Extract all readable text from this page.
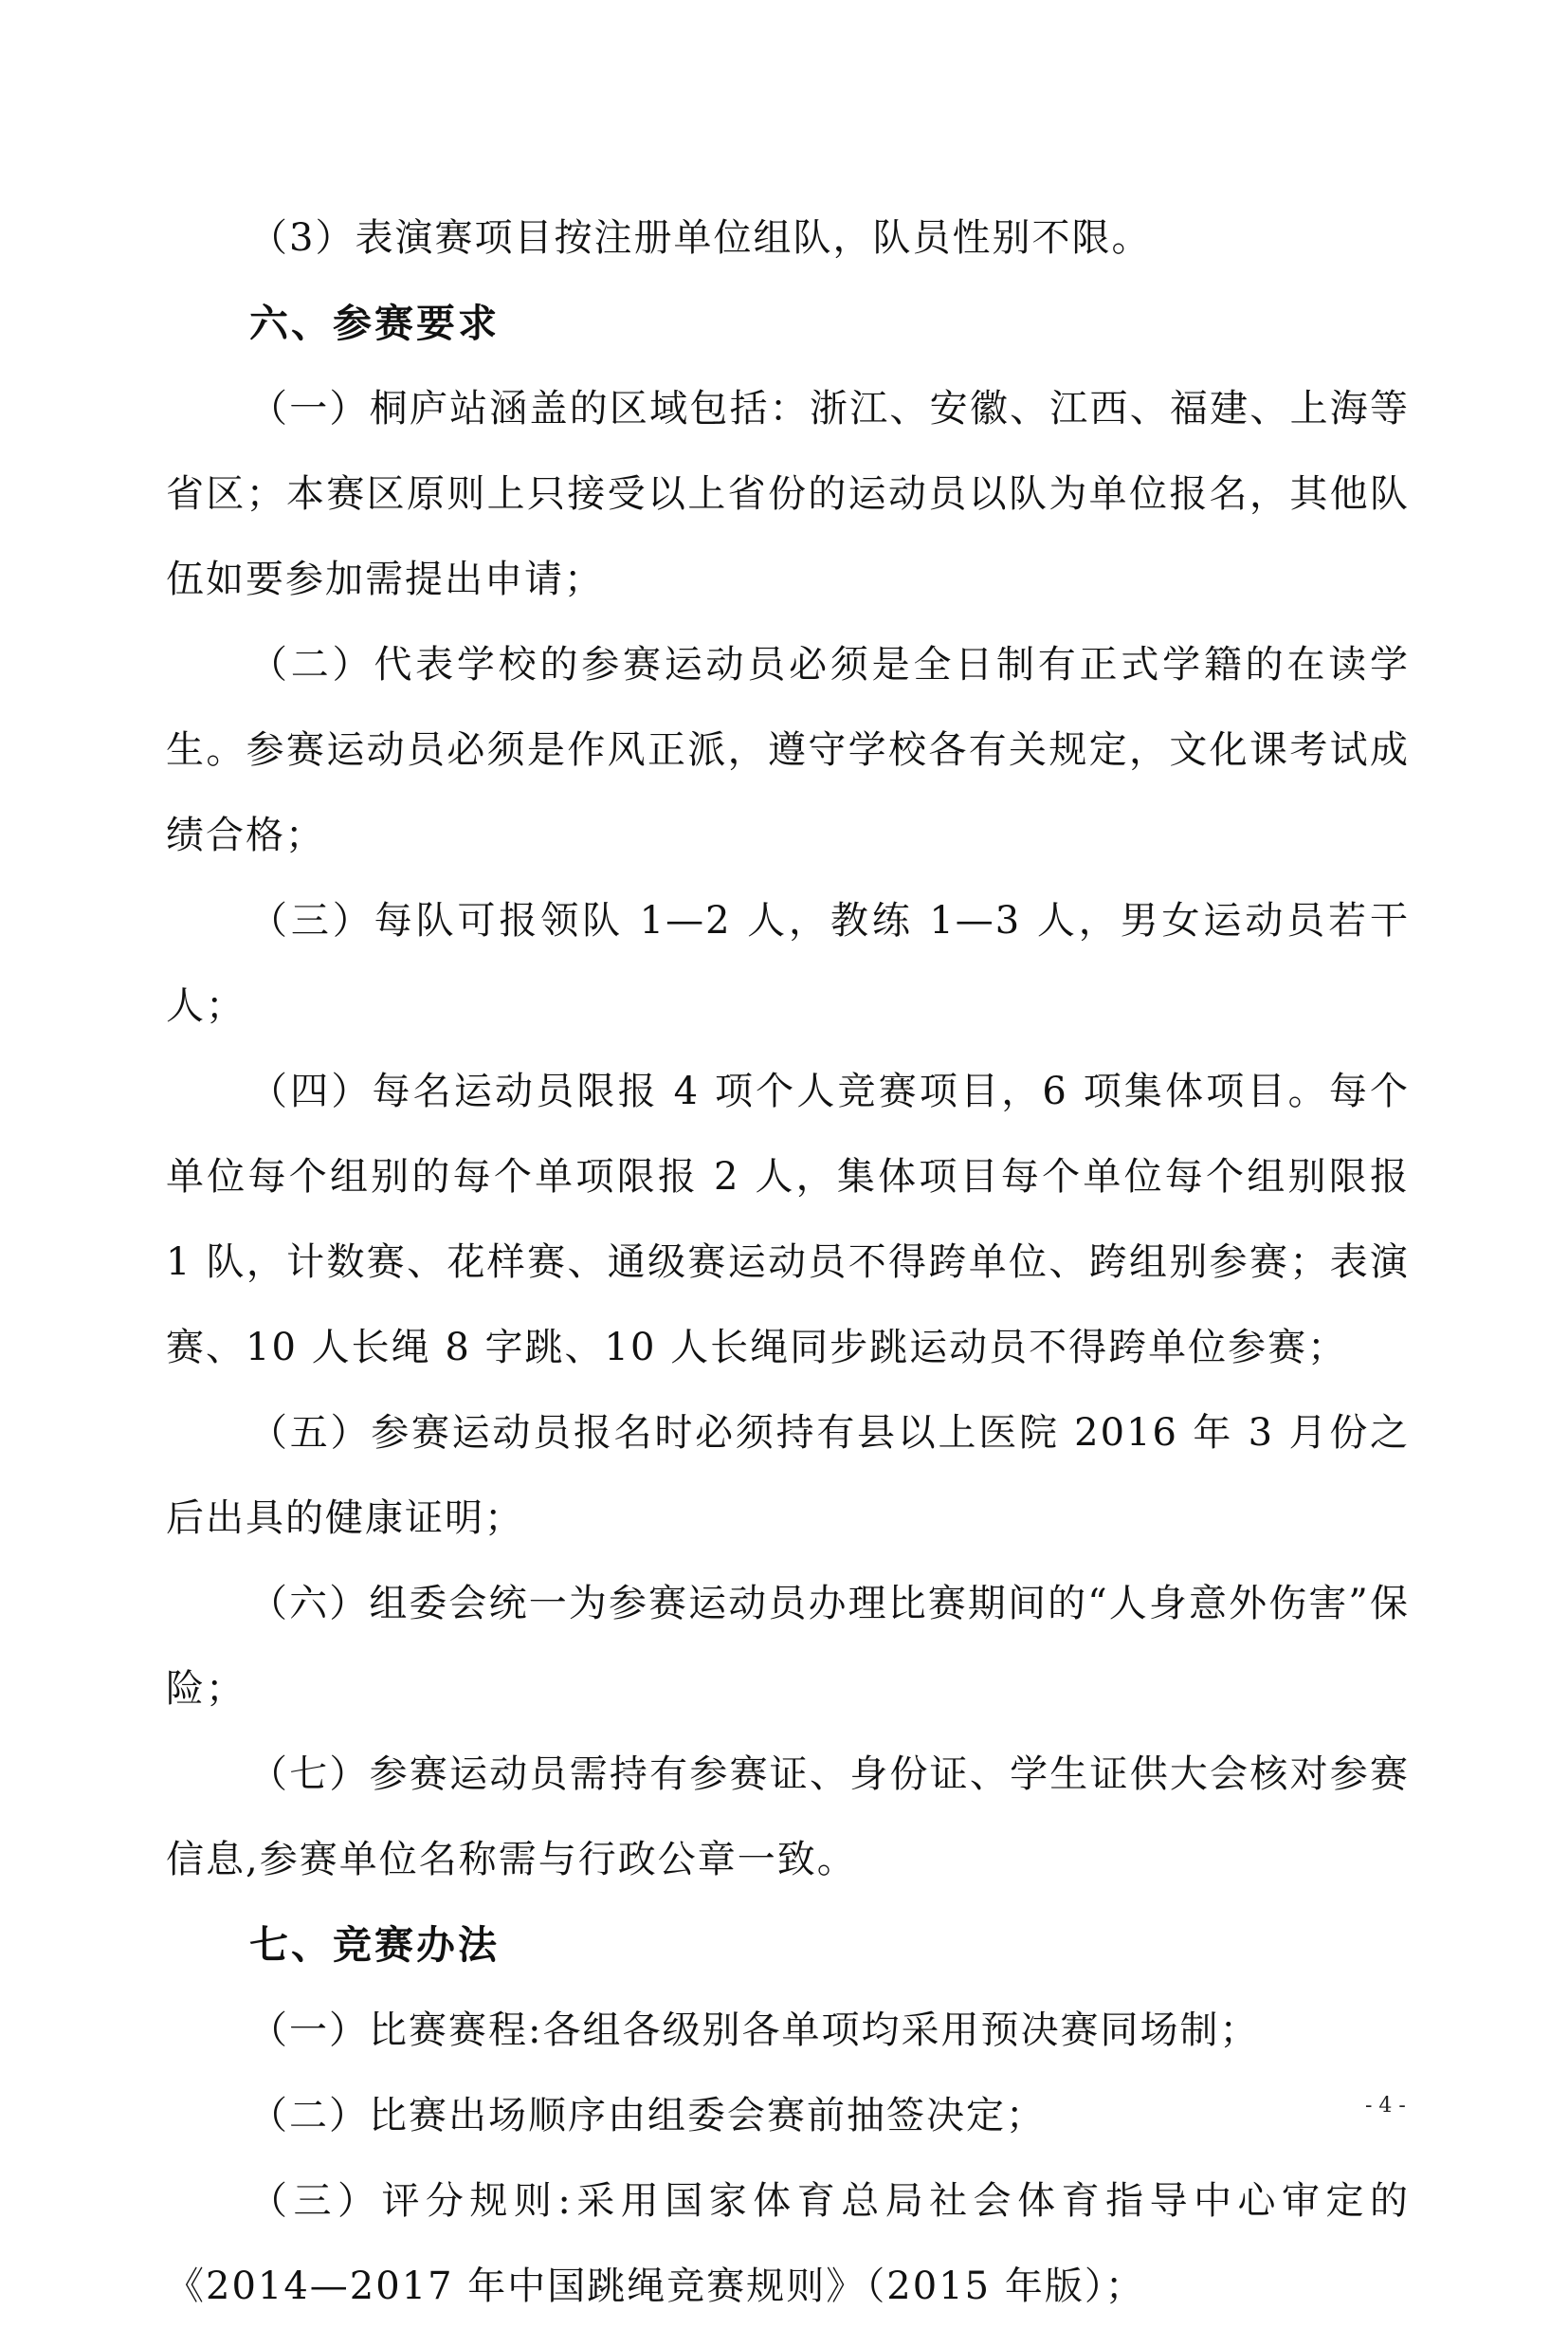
（3）表演赛项目按注册单位组队，队员性别不限。

六、参赛要求

（一）桐庐站涵盖的区域包括：浙江、安徽、江西、福建、上海等省区；本赛区原则上只接受以上省份的运动员以队为单位报名，其他队伍如要参加需提出申请；

（二）代表学校的参赛运动员必须是全日制有正式学籍的在读学生。参赛运动员必须是作风正派，遵守学校各有关规定，文化课考试成绩合格；

（三）每队可报领队 1—2 人，教练 1—3 人，男女运动员若干人；

（四）每名运动员限报 4 项个人竞赛项目，6 项集体项目。每个单位每个组别的每个单项限报 2 人，集体项目每个单位每个组别限报 1 队，计数赛、花样赛、通级赛运动员不得跨单位、跨组别参赛；表演赛、10 人长绳 8 字跳、10 人长绳同步跳运动员不得跨单位参赛；

（五）参赛运动员报名时必须持有县以上医院 2016 年 3 月份之后出具的健康证明；

（六）组委会统一为参赛运动员办理比赛期间的“人身意外伤害”保险；

（七）参赛运动员需持有参赛证、身份证、学生证供大会核对参赛信息,参赛单位名称需与行政公章一致。

七、竞赛办法

（一）比赛赛程:各组各级别各单项均采用预决赛同场制；

（二）比赛出场顺序由组委会赛前抽签决定；

（三）评分规则:采用国家体育总局社会体育指导中心审定的《2014—2017 年中国跳绳竞赛规则》（2015 年版）；

- 4 -
